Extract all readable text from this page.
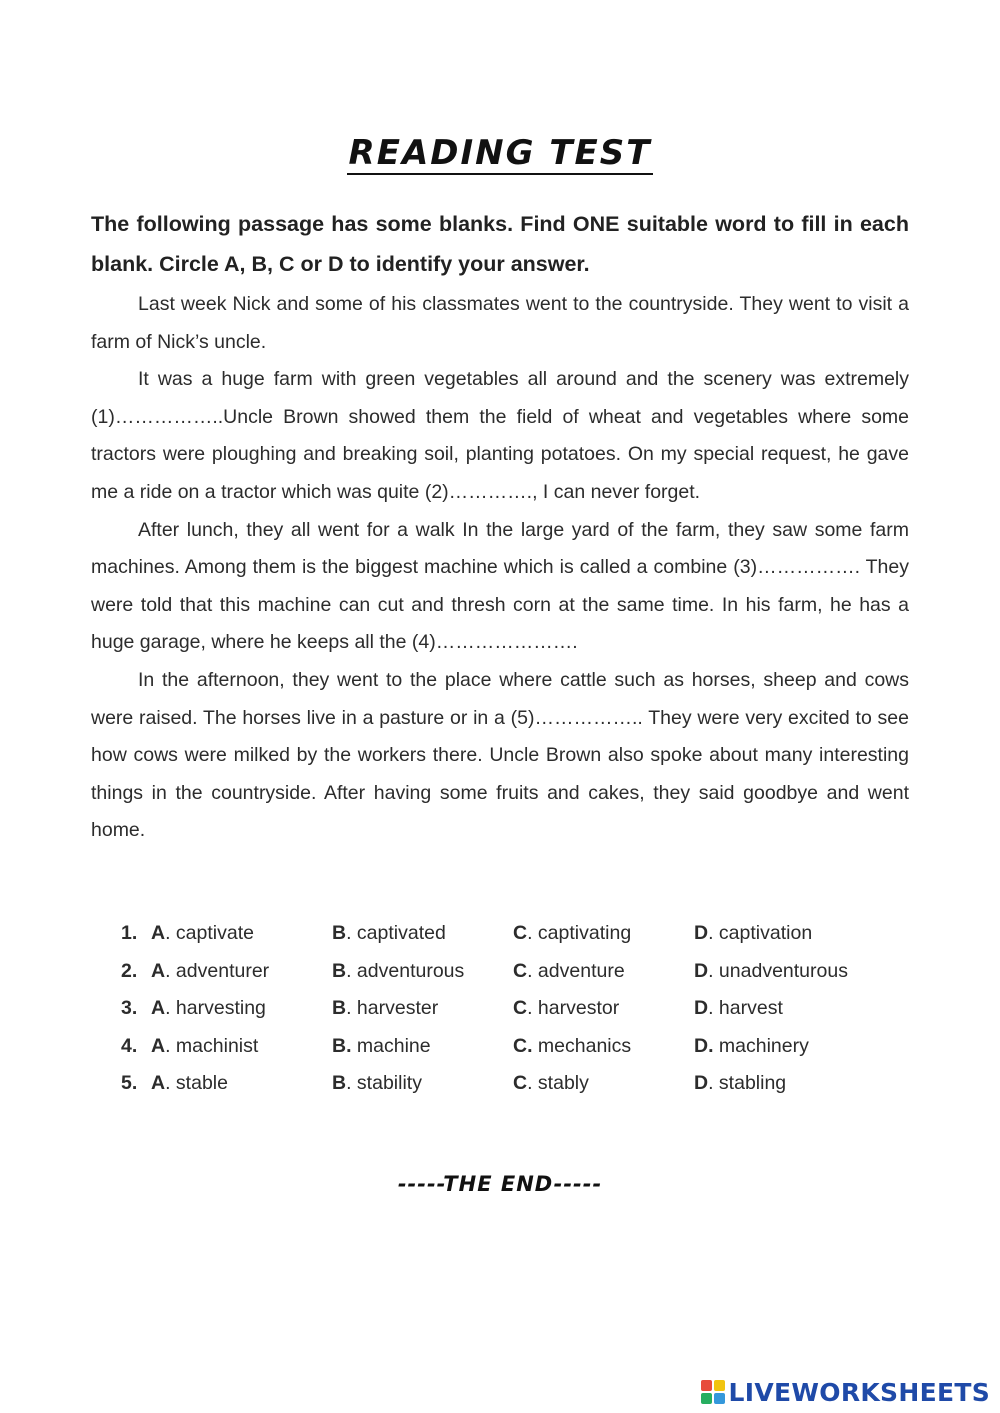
READING TEST
The following passage has some blanks. Find ONE suitable word to fill in each blank. Circle A, B, C or D to identify your answer.

Last week Nick and some of his classmates went to the countryside. They went to visit a farm of Nick’s uncle.

It was a huge farm with green vegetables all around and the scenery was extremely (1)……………..Uncle Brown showed them the field of wheat and vegetables where some tractors were ploughing and breaking soil, planting potatoes. On my special request, he gave me a ride on a tractor which was quite (2)…………., I can never forget.

After lunch, they all went for a walk In the large yard of the farm, they saw some farm machines. Among them is the biggest machine which is called a combine (3)……………. They were told that this machine can cut and thresh corn at the same time. In his farm, he has a huge garage, where he keeps all the (4)………………….

In the afternoon, they went to the place where cattle such as horses, sheep and cows were raised. The horses live in a pasture or in a (5)…………….. They were very excited to see how cows were milked by the workers there. Uncle Brown also spoke about many interesting things in the countryside. After having some fruits and cakes, they said goodbye and went home.

1. A. captivate	B. captivated	C. captivating	D. captivation
2. A. adventurer	B. adventurous	C. adventure	D. unadventurous
3. A. harvesting	B. harvester	C. harvestor	D. harvest
4. A. machinist	B. machine	C. mechanics	D. machinery
5. A. stable	B. stability	C. stably	D. stabling
-----THE END-----
LIVEWORKSHEETS
